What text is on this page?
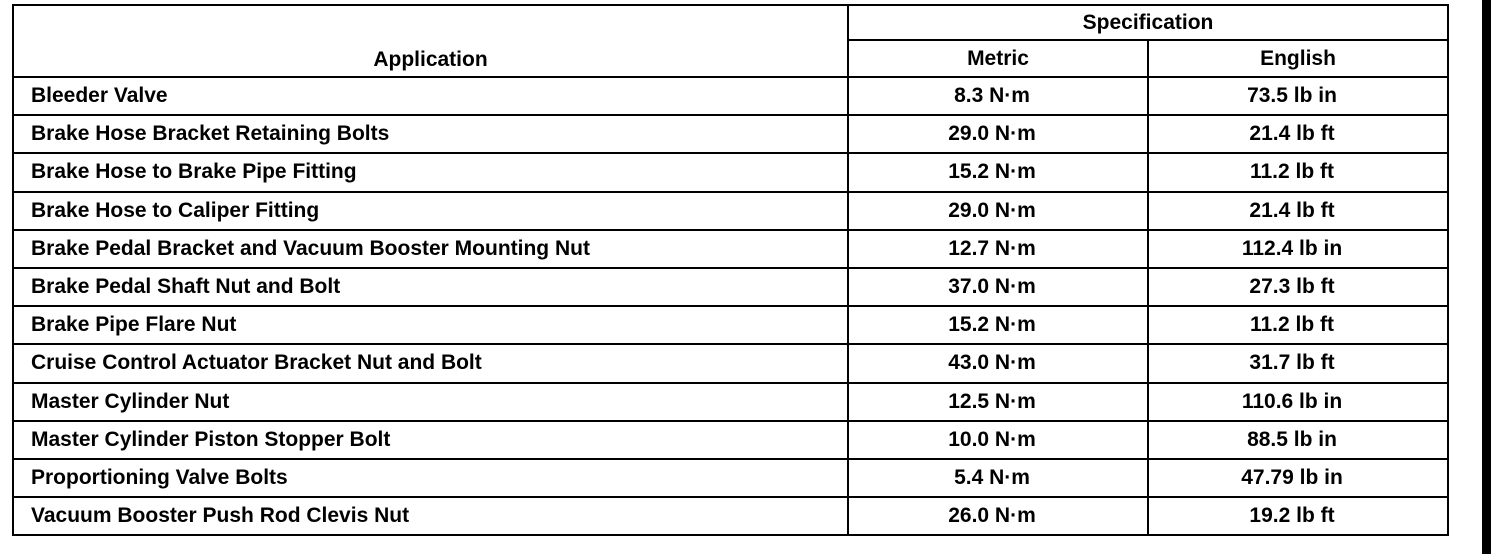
Application	Specification	
	Metric	English
Bleeder Valve	8.3 N·m	73.5 lb in
Brake Hose Bracket Retaining Bolts	29.0 N·m	21.4 lb ft
Brake Hose to Brake Pipe Fitting	15.2 N·m	11.2 lb ft
Brake Hose to Caliper Fitting	29.0 N·m	21.4 lb ft
Brake Pedal Bracket and Vacuum Booster Mounting Nut	12.7 N·m	112.4 lb in
Brake Pedal Shaft Nut and Bolt	37.0 N·m	27.3 lb ft
Brake Pipe Flare Nut	15.2 N·m	11.2 lb ft
Cruise Control Actuator Bracket Nut and Bolt	43.0 N·m	31.7 lb ft
Master Cylinder Nut	12.5 N·m	110.6 lb in
Master Cylinder Piston Stopper Bolt	10.0 N·m	88.5 lb in
Proportioning Valve Bolts	5.4 N·m	47.79 lb in
Vacuum Booster Push Rod Clevis Nut	26.0 N·m	19.2 lb ft
